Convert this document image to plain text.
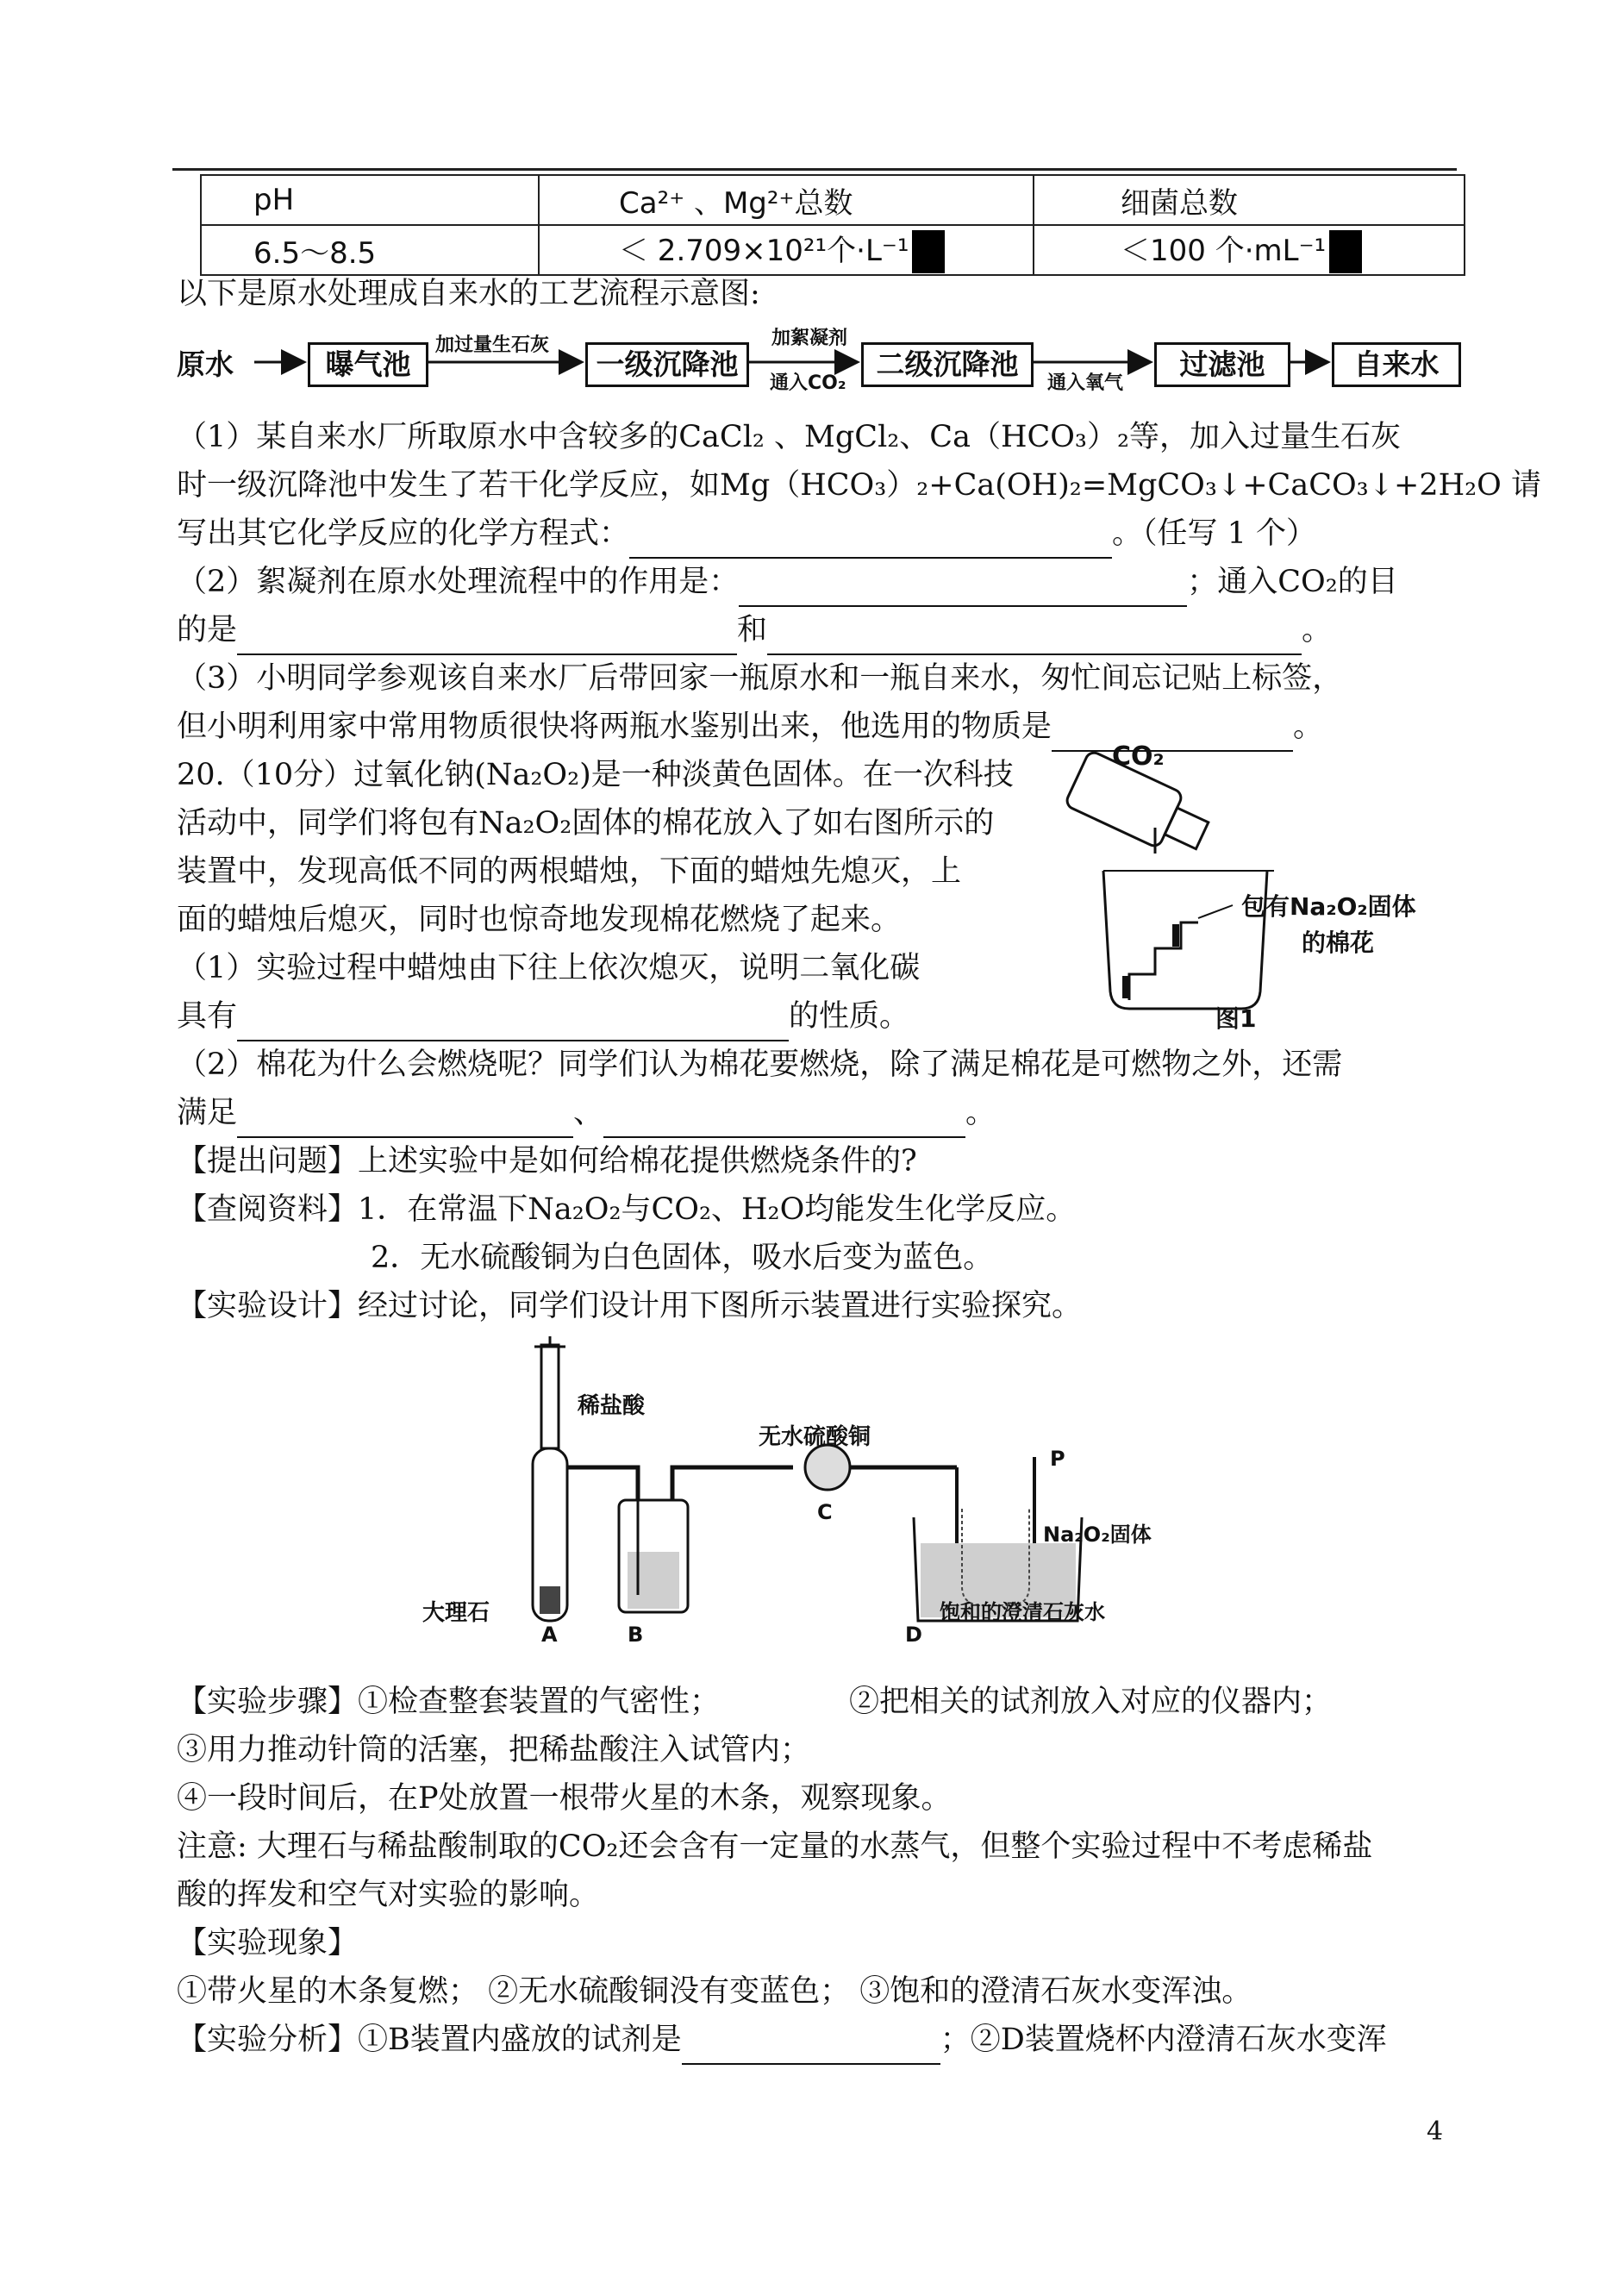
pH	Ca²⁺ 、Mg²⁺总数	细菌总数
6.5～8.5	＜ 2.709×10²¹个·L⁻¹	＜100 个·mL⁻¹
以下是原水处理成自来水的工艺流程示意图:
原水	曝气池	一级沉降池	二级沉降池	过滤池	自来水
加过量生石灰	加絮凝剂
通入CO₂	通入氧气
（1）某自来水厂所取原水中含较多的CaCl₂ 、MgCl₂、Ca（HCO₃）₂等，加入过量生石灰
时一级沉降池中发生了若干化学反应，如Mg（HCO₃）₂+Ca(OH)₂=MgCO₃↓+CaCO₃↓+2H₂O 请
写出其它化学反应的化学方程式：	。（任写 1 个）
（2）絮凝剂在原水处理流程中的作用是：	；通入CO₂的目
的是	和	。
（3）小明同学参观该自来水厂后带回家一瓶原水和一瓶自来水，匆忙间忘记贴上标签，
但小明利用家中常用物质很快将两瓶水鉴别出来，他选用的物质是	。
20.（10分）过氧化钠(Na₂O₂)是一种淡黄色固体。在一次科技
活动中，同学们将包有Na₂O₂固体的棉花放入了如右图所示的
装置中，发现高低不同的两根蜡烛，下面的蜡烛先熄灭，上
面的蜡烛后熄灭，同时也惊奇地发现棉花燃烧了起来。
（1）实验过程中蜡烛由下往上依次熄灭，说明二氧化碳
具有	的性质。
（2）棉花为什么会燃烧呢？同学们认为棉花要燃烧，除了满足棉花是可燃物之外，还需
满足	、	。
CO₂
包有Na₂O₂固体
的棉花
图1
【提出问题】上述实验中是如何给棉花提供燃烧条件的?
【查阅资料】1．在常温下Na₂O₂与CO₂、H₂O均能发生化学反应。
2．无水硫酸铜为白色固体，吸水后变为蓝色。
【实验设计】经过讨论，同学们设计用下图所示装置进行实验探究。
稀盐酸
无水硫酸铜
大理石
Na₂O₂固体
饱和的澄清石灰水
A	B
C
D
P
【实验步骤】①检查整套装置的气密性；	②把相关的试剂放入对应的仪器内；
③用力推动针筒的活塞，把稀盐酸注入试管内；
④一段时间后，在P处放置一根带火星的木条，观察现象。
注意: 大理石与稀盐酸制取的CO₂还会含有一定量的水蒸气，但整个实验过程中不考虑稀盐
酸的挥发和空气对实验的影响。
【实验现象】
①带火星的木条复燃； ②无水硫酸铜没有变蓝色； ③饱和的澄清石灰水变浑浊。
【实验分析】①B装置内盛放的试剂是	；②D装置烧杯内澄清石灰水变浑
4
